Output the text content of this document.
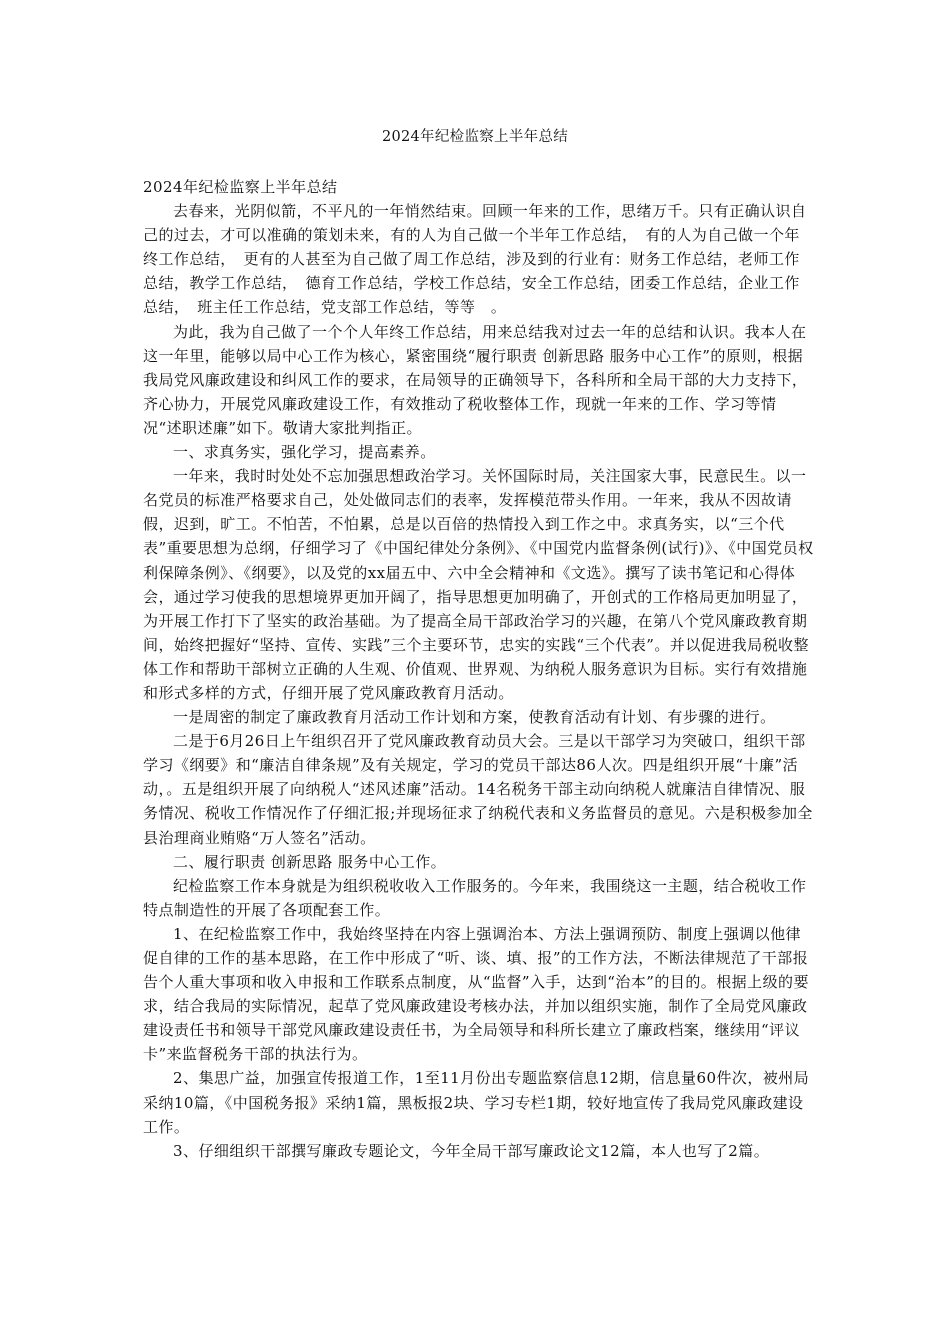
2024年纪检监察上半年总结

2024年纪检监察上半年总结

去春来，光阴似箭，不平凡的一年悄然结束。回顾一年来的工作，思绪万千。只有正确认识自己的过去，才可以准确的策划未来，有的人为自己做一个半年工作总结，　有的人为自己做一个年终工作总结，　更有的人甚至为自己做了周工作总结，涉及到的行业有：财务工作总结，老师工作总结，教学工作总结，　德育工作总结，学校工作总结，安全工作总结，团委工作总结，企业工作总结，　班主任工作总结，党支部工作总结，等等　。

为此，我为自己做了一个个人年终工作总结，用来总结我对过去一年的总结和认识。我本人在这一年里，能够以局中心工作为核心，紧密围绕“履行职责 创新思路 服务中心工作”的原则，根据我局党风廉政建设和纠风工作的要求，在局领导的正确领导下，各科所和全局干部的大力支持下，齐心协力，开展党风廉政建设工作，有效推动了税收整体工作，现就一年来的工作、学习等情况“述职述廉”如下。敬请大家批判指正。

一、求真务实，强化学习，提高素养。

一年来，我时时处处不忘加强思想政治学习。关怀国际时局，关注国家大事，民意民生。以一名党员的标准严格要求自己，处处做同志们的表率，发挥模范带头作用。一年来，我从不因故请假，迟到，旷工。不怕苦，不怕累，总是以百倍的热情投入到工作之中。求真务实，以“三个代表”重要思想为总纲，仔细学习了《中国纪律处分条例》、《中国党内监督条例(试行)》、《中国党员权利保障条例》、《纲要》，以及党的xx届五中、六中全会精神和《文选》。撰写了读书笔记和心得体会，通过学习使我的思想境界更加开阔了，指导思想更加明确了，开创式的工作格局更加明显了，为开展工作打下了坚实的政治基础。为了提高全局干部政治学习的兴趣，在第八个党风廉政教育期间，始终把握好“坚持、宣传、实践”三个主要环节，忠实的实践“三个代表”。并以促进我局税收整体工作和帮助干部树立正确的人生观、价值观、世界观、为纳税人服务意识为目标。实行有效措施和形式多样的方式，仔细开展了党风廉政教育月活动。

一是周密的制定了廉政教育月活动工作计划和方案，使教育活动有计划、有步骤的进行。

二是于6月26日上午组织召开了党风廉政教育动员大会。三是以干部学习为突破口，组织干部学习《纲要》和“廉洁自律条规”及有关规定，学习的党员干部达86人次。四是组织开展“十廉”活动，。五是组织开展了向纳税人“述风述廉”活动。14名税务干部主动向纳税人就廉洁自律情况、服务情况、税收工作情况作了仔细汇报;并现场征求了纳税代表和义务监督员的意见。六是积极参加全县治理商业贿赂“万人签名”活动。

二、履行职责 创新思路 服务中心工作。

纪检监察工作本身就是为组织税收收入工作服务的。今年来，我围绕这一主题，结合税收工作特点制造性的开展了各项配套工作。

1、在纪检监察工作中，我始终坚持在内容上强调治本、方法上强调预防、制度上强调以他律促自律的工作的基本思路，在工作中形成了“听、谈、填、报”的工作方法，不断法律规范了干部报告个人重大事项和收入申报和工作联系点制度，从“监督”入手，达到“治本”的目的。根据上级的要求，结合我局的实际情况，起草了党风廉政建设考核办法，并加以组织实施，制作了全局党风廉政建设责任书和领导干部党风廉政建设责任书，为全局领导和科所长建立了廉政档案，继续用“评议卡”来监督税务干部的执法行为。

2、集思广益，加强宣传报道工作，1至11月份出专题监察信息12期，信息量60件次，被州局采纳10篇，《中国税务报》采纳1篇，黑板报2块、学习专栏1期，较好地宣传了我局党风廉政建设工作。

3、仔细组织干部撰写廉政专题论文，今年全局干部写廉政论文12篇，本人也写了2篇。
